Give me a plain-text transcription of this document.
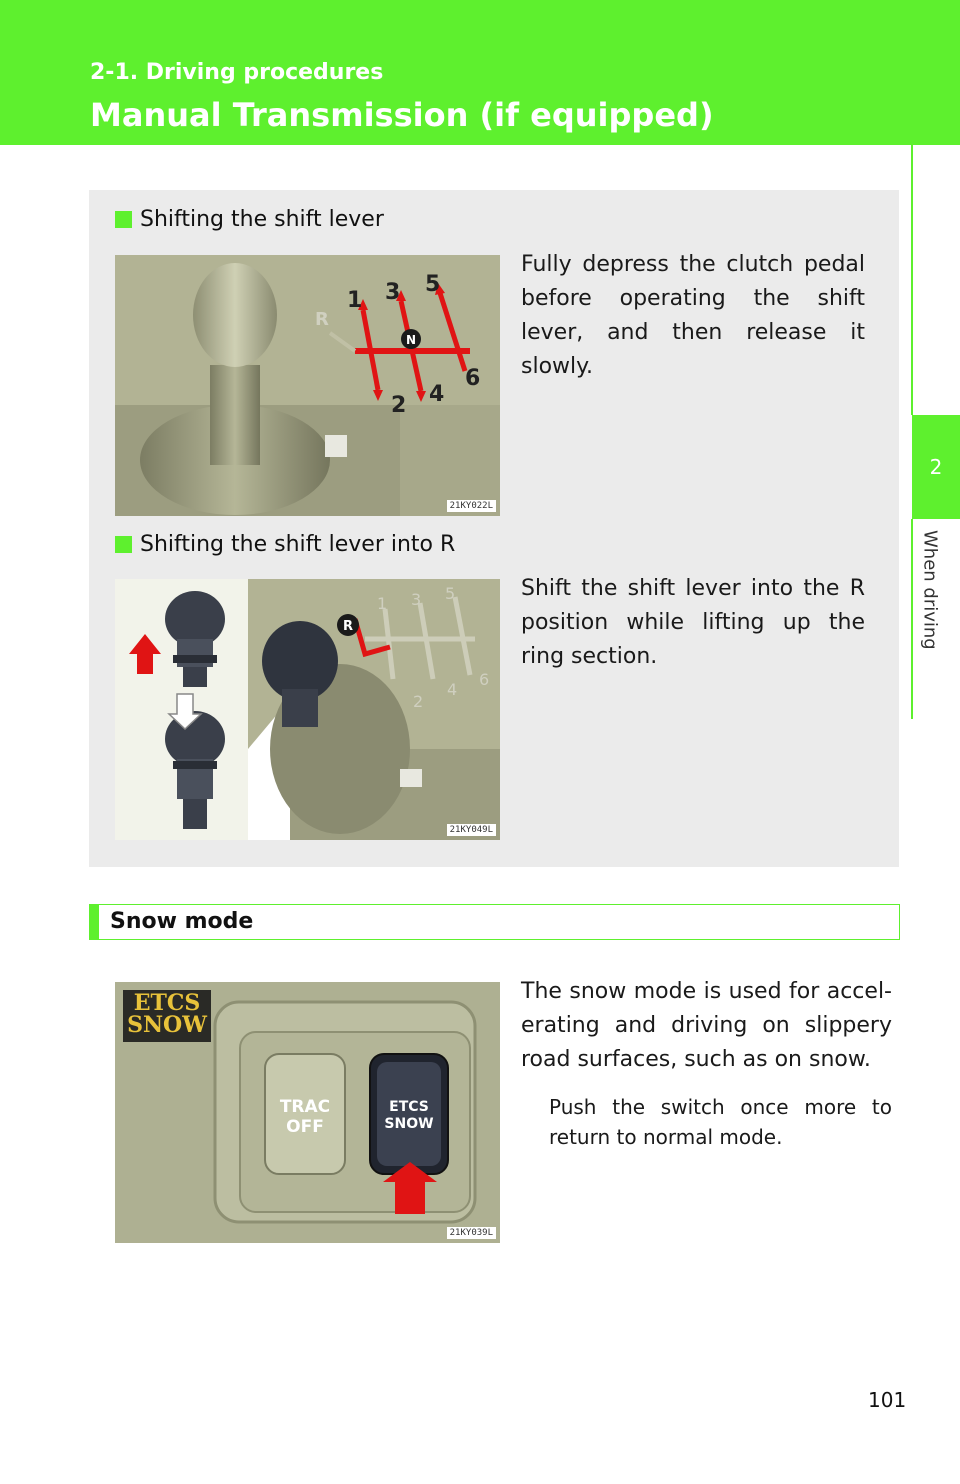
2-1. Driving procedures
Manual Transmission (if equipped)
2
When driving
Shifting the shift lever
N
R
1 3 5
2 4
6
21KY022L
Fully depress the clutch pedal before operating the shift lever, and then release it slowly.
Shifting the shift lever into R
R
1 3 5
2
4
6
21KY049L
Shift the shift lever into the R position while lifting up the ring section.
Snow mode
ETCS
SNOW
TRAC
OFF
ETCS
SNOW
21KY039L
The snow mode is used for accel-erating and driving on slippery road surfaces, such as on snow.
Push the switch once more to return to normal mode.
101
